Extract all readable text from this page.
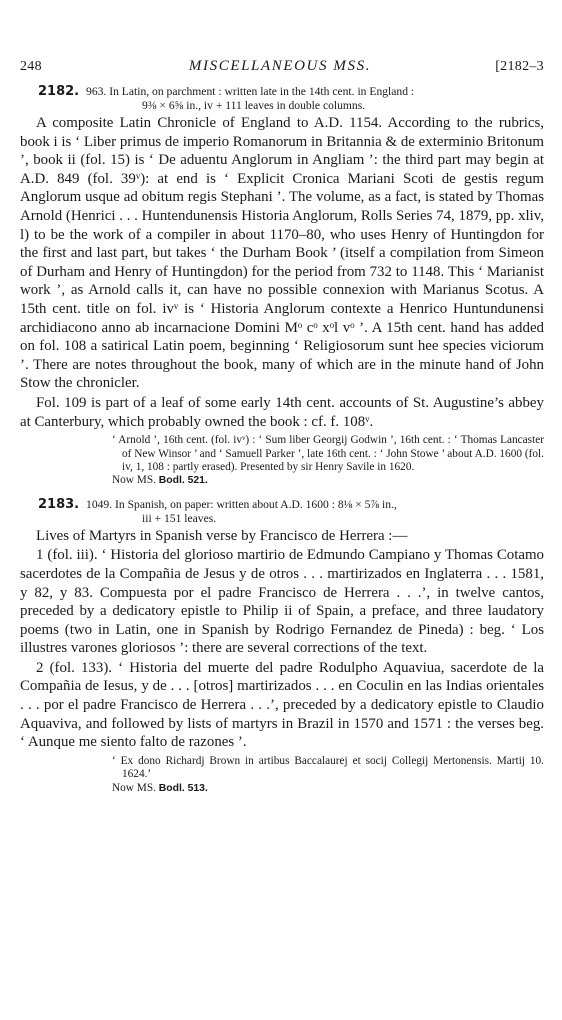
248	MISCELLANEOUS MSS.	[2182–3
2182. 963. In Latin, on parchment : written late in the 14th cent. in England :
9⅜ × 6⅝ in., iv + 111 leaves in double columns.

A composite Latin Chronicle of England to A.D. 1154. According to the rubrics, book i is ‘ Liber primus de imperio Romanorum in Britannia & de exterminio Britonum ’, book ii (fol. 15) is ‘ De aduentu Anglorum in Angliam ’: the third part may begin at A.D. 849 (fol. 39ᵛ): at end is ‘ Explicit Cronica Mariani Scoti de gestis regum Anglorum usque ad obitum regis Stephani ’. The volume, as a fact, is stated by Thomas Arnold (Henrici . . . Huntendunensis Historia Anglorum, Rolls Series 74, 1879, pp. xliv, l) to be the work of a compiler in about 1170–80, who uses Henry of Huntingdon for the first and last part, but takes ‘ the Durham Book ’ (itself a compilation from Simeon of Durham and Henry of Huntingdon) for the period from 732 to 1148. This ‘ Marianist work ’, as Arnold calls it, can have no possible connexion with Marianus Scotus. A 15th cent. title on fol. ivᵛ is ‘ Historia Anglorum contexte a Henrico Huntundunensi archidiacono anno ab incarnacione Domini Mᵒ cᵒ xᵒl vᵒ ’. A 15th cent. hand has added on fol. 108 a satirical Latin poem, beginning ‘ Religiosorum sunt hee species viciorum ’. There are notes throughout the book, many of which are in the minute hand of John Stow the chronicler.

Fol. 109 is part of a leaf of some early 14th cent. accounts of St. Augustine’s abbey at Canterbury, which probably owned the book : cf. f. 108ᵛ.

‘ Arnold ’, 16th cent. (fol. ivᵛ) : ‘ Sum liber Georgij Godwin ’, 16th cent. : ‘ Thomas Lancaster of New Winsor ’ and ‘ Samuell Parker ’, late 16th cent. : ‘ John Stowe ’ about A.D. 1600 (fol. iv, 1, 108 : partly erased). Presented by sir Henry Savile in 1620.
Now MS. Bodl. 521.
2183. 1049. In Spanish, on paper: written about A.D. 1600 : 8⅛ × 5⅞ in.,
iii + 151 leaves.

Lives of Martyrs in Spanish verse by Francisco de Herrera :—

1 (fol. iii). ‘ Historia del glorioso martirio de Edmundo Campiano y Thomas Cotamo sacerdotes de la Compañia de Jesus y de otros . . . martirizados en Inglaterra . . . 1581, y 82, y 83. Compuesta por el padre Francisco de Herrera . . .’, in twelve cantos, preceded by a dedicatory epistle to Philip ii of Spain, a preface, and three laudatory poems (two in Latin, one in Spanish by Rodrigo Fernandez de Pineda) : beg. ‘ Los illustres varones gloriosos ’: there are several corrections of the text.

2 (fol. 133). ‘ Historia del muerte del padre Rodulpho Aquaviua, sacerdote de la Compañia de Iesus, y de . . . [otros] martirizados . . . en Coculin en las Indias orientales . . . por el padre Francisco de Herrera . . .’, preceded by a dedicatory epistle to Claudio Aquaviva, and followed by lists of martyrs in Brazil in 1570 and 1571 : the verses beg. ‘ Aunque me siento falto de razones ’.

‘ Ex dono Richardj Brown in artibus Baccalaurej et socij Collegij Mertonensis. Martij 10. 1624.’
Now MS. Bodl. 513.
